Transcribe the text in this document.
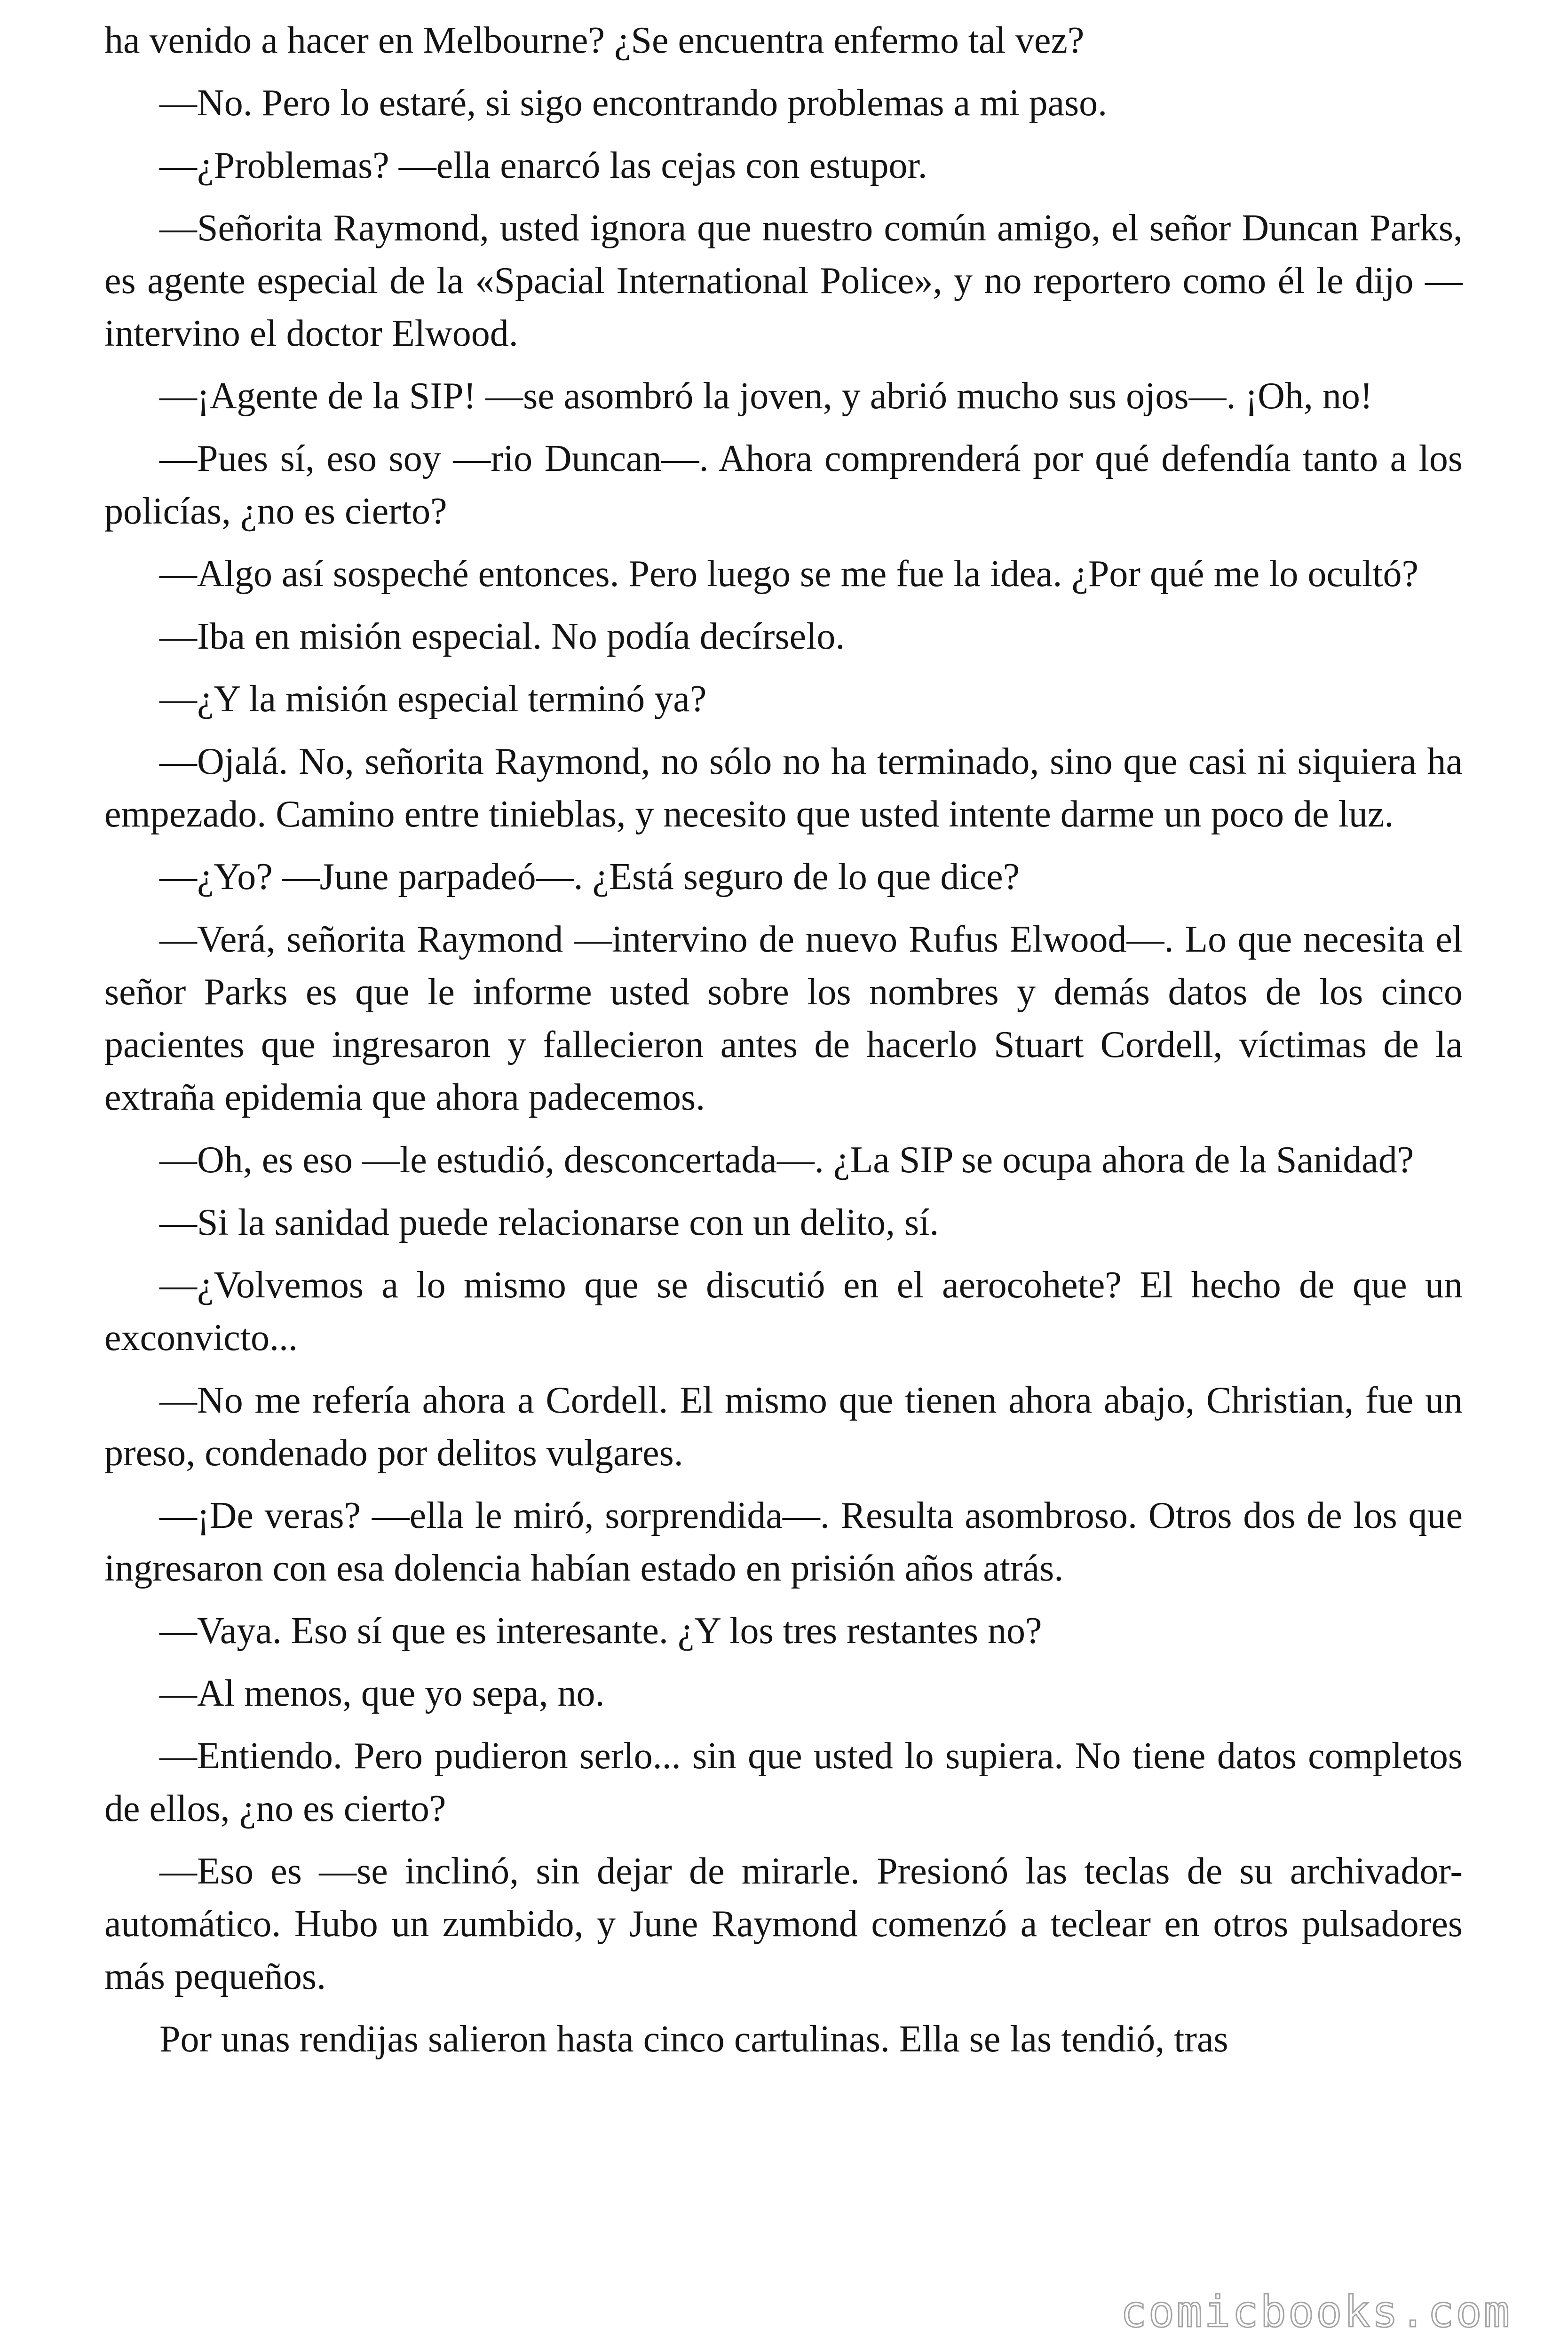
ha venido a hacer en Melbourne? ¿Se encuentra enfermo tal vez?

—No. Pero lo estaré, si sigo encontrando problemas a mi paso.

—¿Problemas? —ella enarcó las cejas con estupor.

—Señorita Raymond, usted ignora que nuestro común amigo, el señor Duncan Parks, es agente especial de la «Spacial International Police», y no reportero como él le dijo —intervino el doctor Elwood.

—¡Agente de la SIP! —se asombró la joven, y abrió mucho sus ojos—. ¡Oh, no!

—Pues sí, eso soy —rio Duncan—. Ahora comprenderá por qué defendía tanto a los policías, ¿no es cierto?

—Algo así sospeché entonces. Pero luego se me fue la idea. ¿Por qué me lo ocultó?

—Iba en misión especial. No podía decírselo.

—¿Y la misión especial terminó ya?

—Ojalá. No, señorita Raymond, no sólo no ha terminado, sino que casi ni siquiera ha empezado. Camino entre tinieblas, y necesito que usted intente darme un poco de luz.

—¿Yo? —June parpadeó—. ¿Está seguro de lo que dice?

—Verá, señorita Raymond —intervino de nuevo Rufus Elwood—. Lo que necesita el señor Parks es que le informe usted sobre los nombres y demás datos de los cinco pacientes que ingresaron y fallecieron antes de hacerlo Stuart Cordell, víctimas de la extraña epidemia que ahora padecemos.

—Oh, es eso —le estudió, desconcertada—. ¿La SIP se ocupa ahora de la Sanidad?

—Si la sanidad puede relacionarse con un delito, sí.

—¿Volvemos a lo mismo que se discutió en el aerocohete? El hecho de que un exconvicto...

—No me refería ahora a Cordell. El mismo que tienen ahora abajo, Christian, fue un preso, condenado por delitos vulgares.

—¡De veras? —ella le miró, sorprendida—. Resulta asombroso. Otros dos de los que ingresaron con esa dolencia habían estado en prisión años atrás.

—Vaya. Eso sí que es interesante. ¿Y los tres restantes no?

—Al menos, que yo sepa, no.

—Entiendo. Pero pudieron serlo... sin que usted lo supiera. No tiene datos completos de ellos, ¿no es cierto?

—Eso es —se inclinó, sin dejar de mirarle. Presionó las teclas de su archivador-automático. Hubo un zumbido, y June Raymond comenzó a teclear en otros pulsadores más pequeños.

Por unas rendijas salieron hasta cinco cartulinas. Ella se las tendió, tras

comicbooks.com
